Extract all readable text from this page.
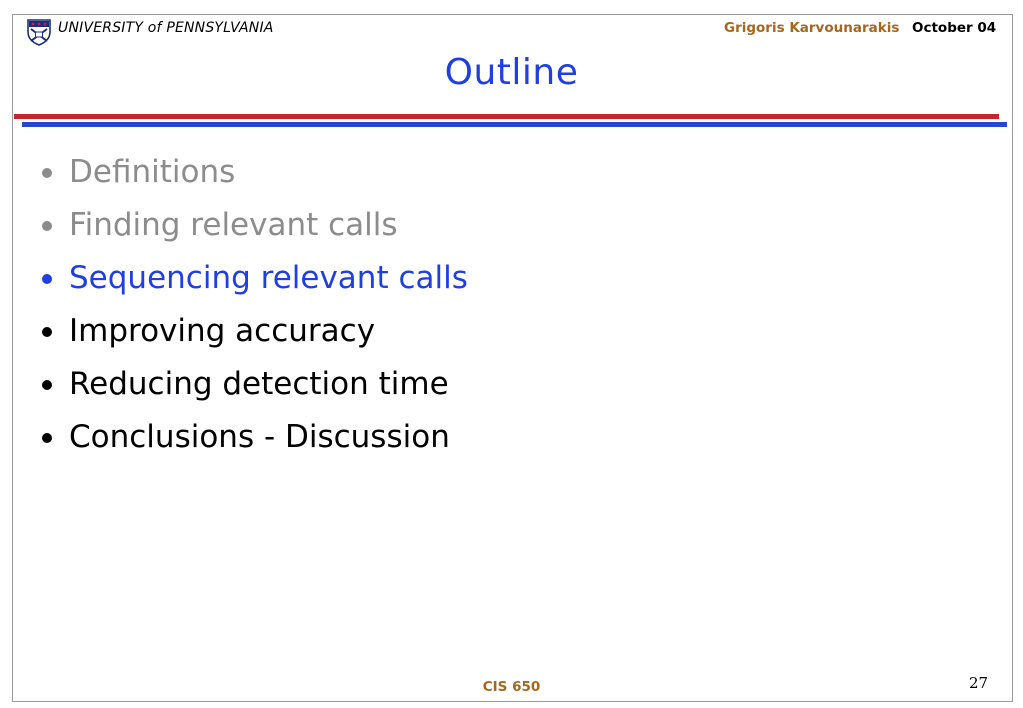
UNIVERSITY of PENNSYLVANIA	Grigoris Karvounarakis October 04
Outline
Definitions
Finding relevant calls
Sequencing relevant calls
Improving accuracy
Reducing detection time
Conclusions - Discussion
CIS 650	27
